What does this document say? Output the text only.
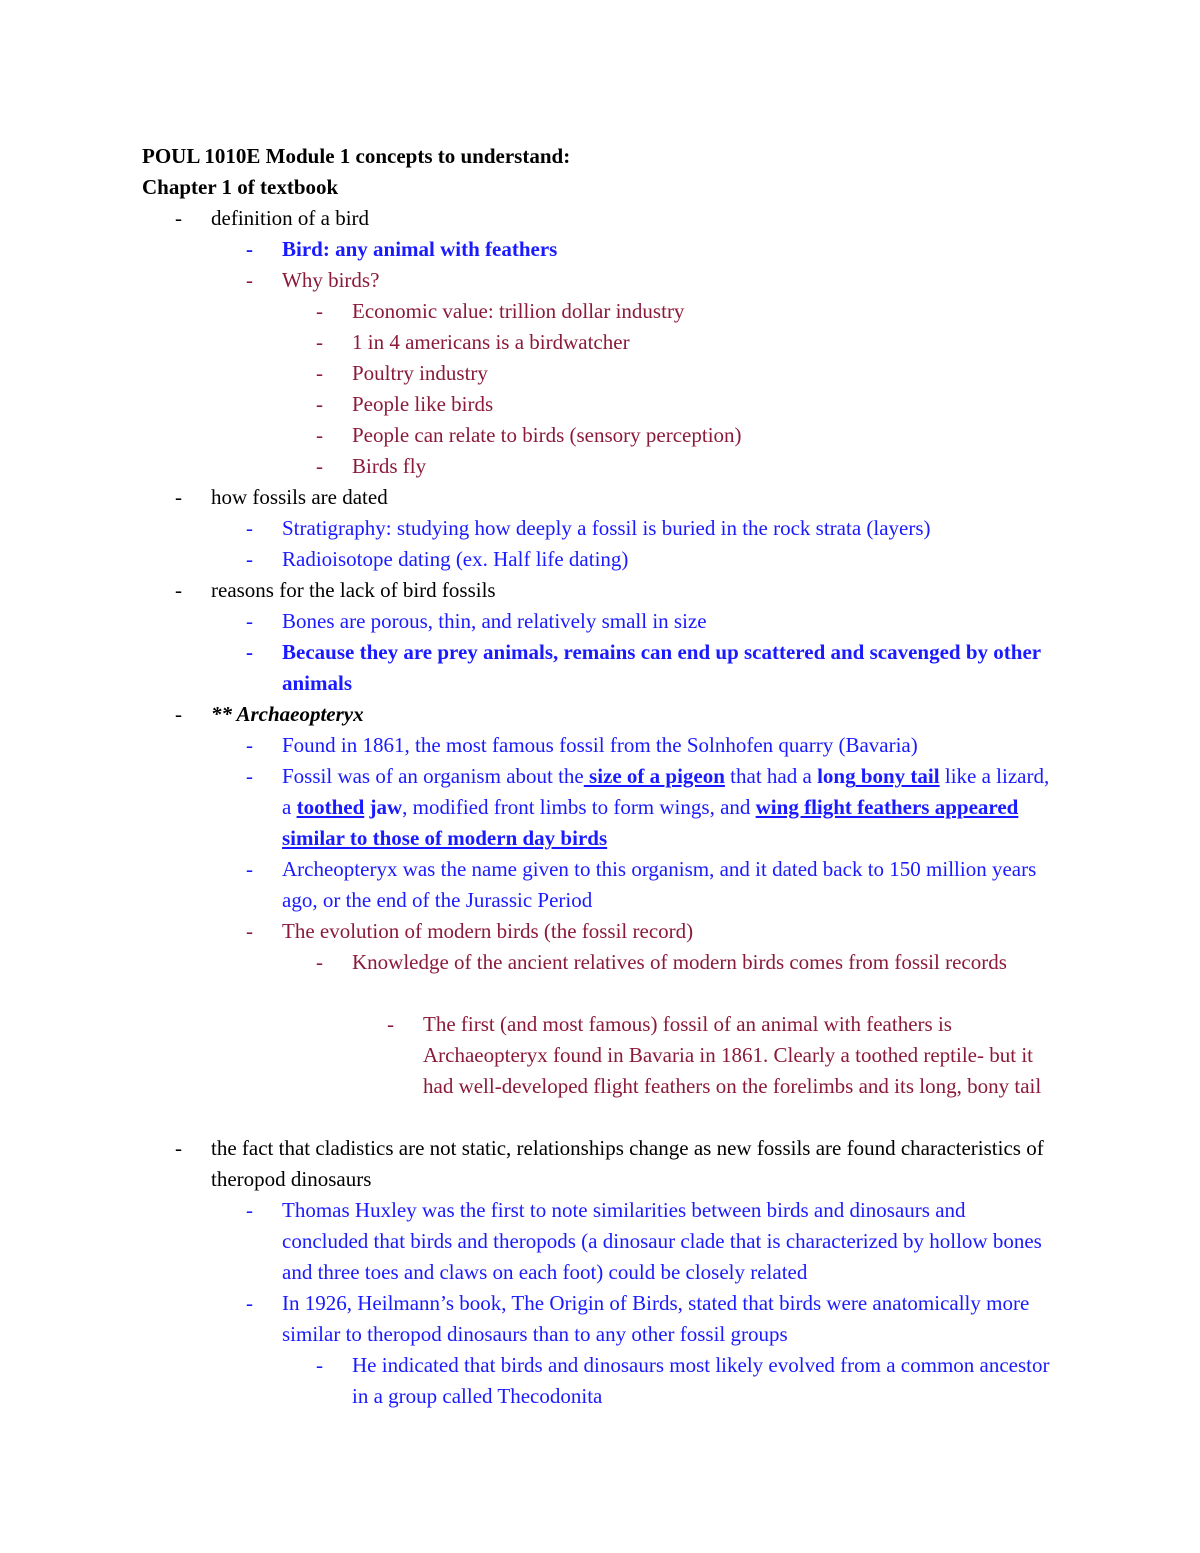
POUL 1010E Module 1 concepts to understand:
Chapter 1 of textbook
-	definition of a bird
-	Bird: any animal with feathers
-	Why birds?
-	Economic value: trillion dollar industry
-	1 in 4 americans is a birdwatcher
-	Poultry industry
-	People like birds
-	People can relate to birds (sensory perception)
-	Birds fly
-	how fossils are dated
-	Stratigraphy: studying how deeply a fossil is buried in the rock strata (layers)
-	Radioisotope dating (ex. Half life dating)
-	reasons for the lack of bird fossils
-	Bones are porous, thin, and relatively small in size
-	Because they are prey animals, remains can end up scattered and scavenged by other animals
-	** Archaeopteryx
-	Found in 1861, the most famous fossil from the Solnhofen quarry (Bavaria)
-	Fossil was of an organism about the size of a pigeon that had a long bony tail like a lizard, a toothed jaw, modified front limbs to form wings, and wing flight feathers appeared similar to those of modern day birds
-	Archeopteryx was the name given to this organism, and it dated back to 150 million years ago, or the end of the Jurassic Period
-	The evolution of modern birds (the fossil record)
-	Knowledge of the ancient relatives of modern birds comes from fossil records
-	The first (and most famous) fossil of an animal with feathers is Archaeopteryx found in Bavaria in 1861. Clearly a toothed reptile- but it had well-developed flight feathers on the forelimbs and its long, bony tail
-	the fact that cladistics are not static, relationships change as new fossils are found characteristics of theropod dinosaurs
-	Thomas Huxley was the first to note similarities between birds and dinosaurs and concluded that birds and theropods (a dinosaur clade that is characterized by hollow bones and three toes and claws on each foot) could be closely related
-	In 1926, Heilmann’s book, The Origin of Birds, stated that birds were anatomically more similar to theropod dinosaurs than to any other fossil groups
-	He indicated that birds and dinosaurs most likely evolved from a common ancestor in a group called Thecodonita
